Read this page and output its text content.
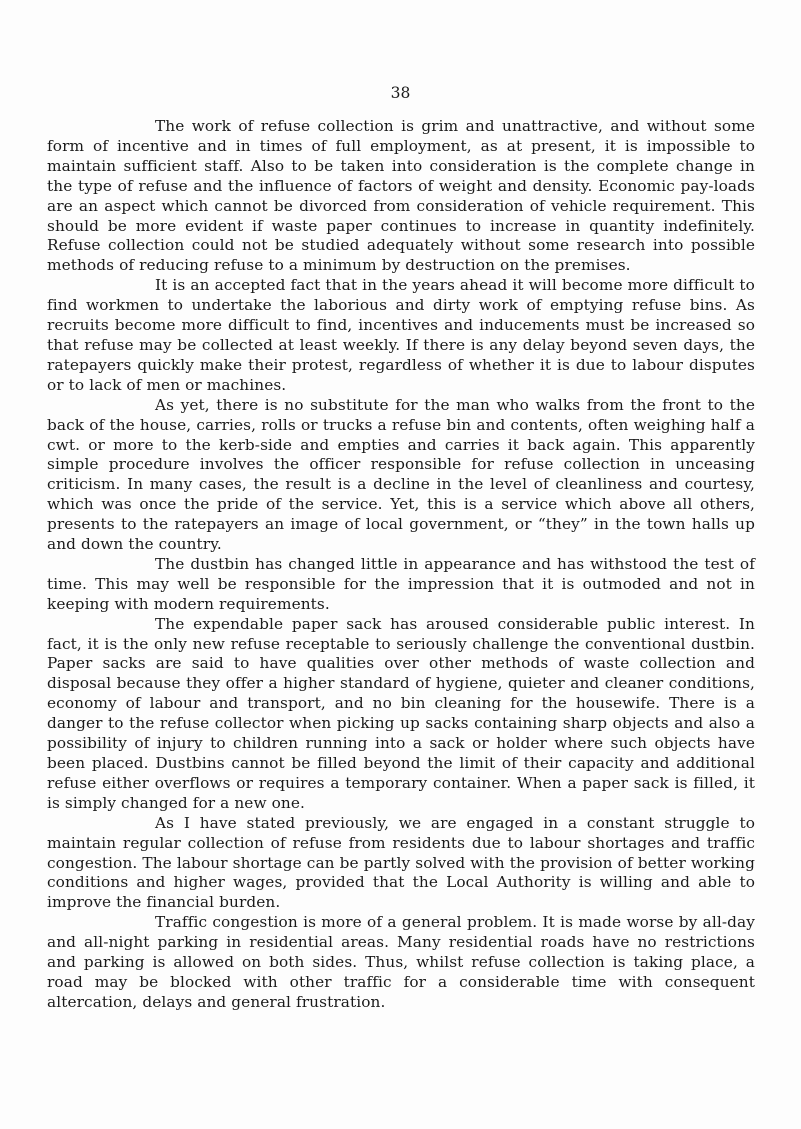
38

The work of refuse collection is grim and unattractive, and without some form of incentive and in times of full employment, as at present, it is impossible to maintain sufficient staff. Also to be taken into consideration is the complete change in the type of refuse and the influence of factors of weight and density. Economic pay-loads are an aspect which cannot be divorced from consideration of vehicle requirement. This should be more evident if waste paper continues to increase in quantity indefinitely. Refuse collection could not be studied adequately without some research into possible methods of reducing refuse to a minimum by destruction on the premises.

It is an accepted fact that in the years ahead it will become more difficult to find workmen to undertake the laborious and dirty work of emptying refuse bins. As recruits become more difficult to find, incentives and inducements must be increased so that refuse may be collected at least weekly. If there is any delay beyond seven days, the ratepayers quickly make their protest, regardless of whether it is due to labour disputes or to lack of men or machines.

As yet, there is no substitute for the man who walks from the front to the back of the house, carries, rolls or trucks a refuse bin and contents, often weighing half a cwt. or more to the kerb-side and empties and carries it back again. This apparently simple procedure involves the officer responsible for refuse collection in unceasing criticism. In many cases, the result is a decline in the level of cleanliness and courtesy, which was once the pride of the service. Yet, this is a service which above all others, presents to the ratepayers an image of local government, or “they” in the town halls up and down the country.

The dustbin has changed little in appearance and has withstood the test of time. This may well be responsible for the impression that it is outmoded and not in keeping with modern requirements.

The expendable paper sack has aroused considerable public interest. In fact, it is the only new refuse receptable to seriously challenge the conventional dustbin. Paper sacks are said to have qualities over other methods of waste collection and disposal because they offer a higher standard of hygiene, quieter and cleaner conditions, economy of labour and transport, and no bin cleaning for the housewife. There is a danger to the refuse collector when picking up sacks containing sharp objects and also a possibility of injury to children running into a sack or holder where such objects have been placed. Dustbins cannot be filled beyond the limit of their capacity and additional refuse either overflows or requires a temporary container. When a paper sack is filled, it is simply changed for a new one.

As I have stated previously, we are engaged in a constant struggle to maintain regular collection of refuse from residents due to labour shortages and traffic congestion. The labour shortage can be partly solved with the provision of better working conditions and higher wages, provided that the Local Authority is willing and able to improve the financial burden.

Traffic congestion is more of a general problem. It is made worse by all-day and all-night parking in residential areas. Many residential roads have no restrictions and parking is allowed on both sides. Thus, whilst refuse collection is taking place, a road may be blocked with other traffic for a considerable time with consequent altercation, delays and general frustration.
